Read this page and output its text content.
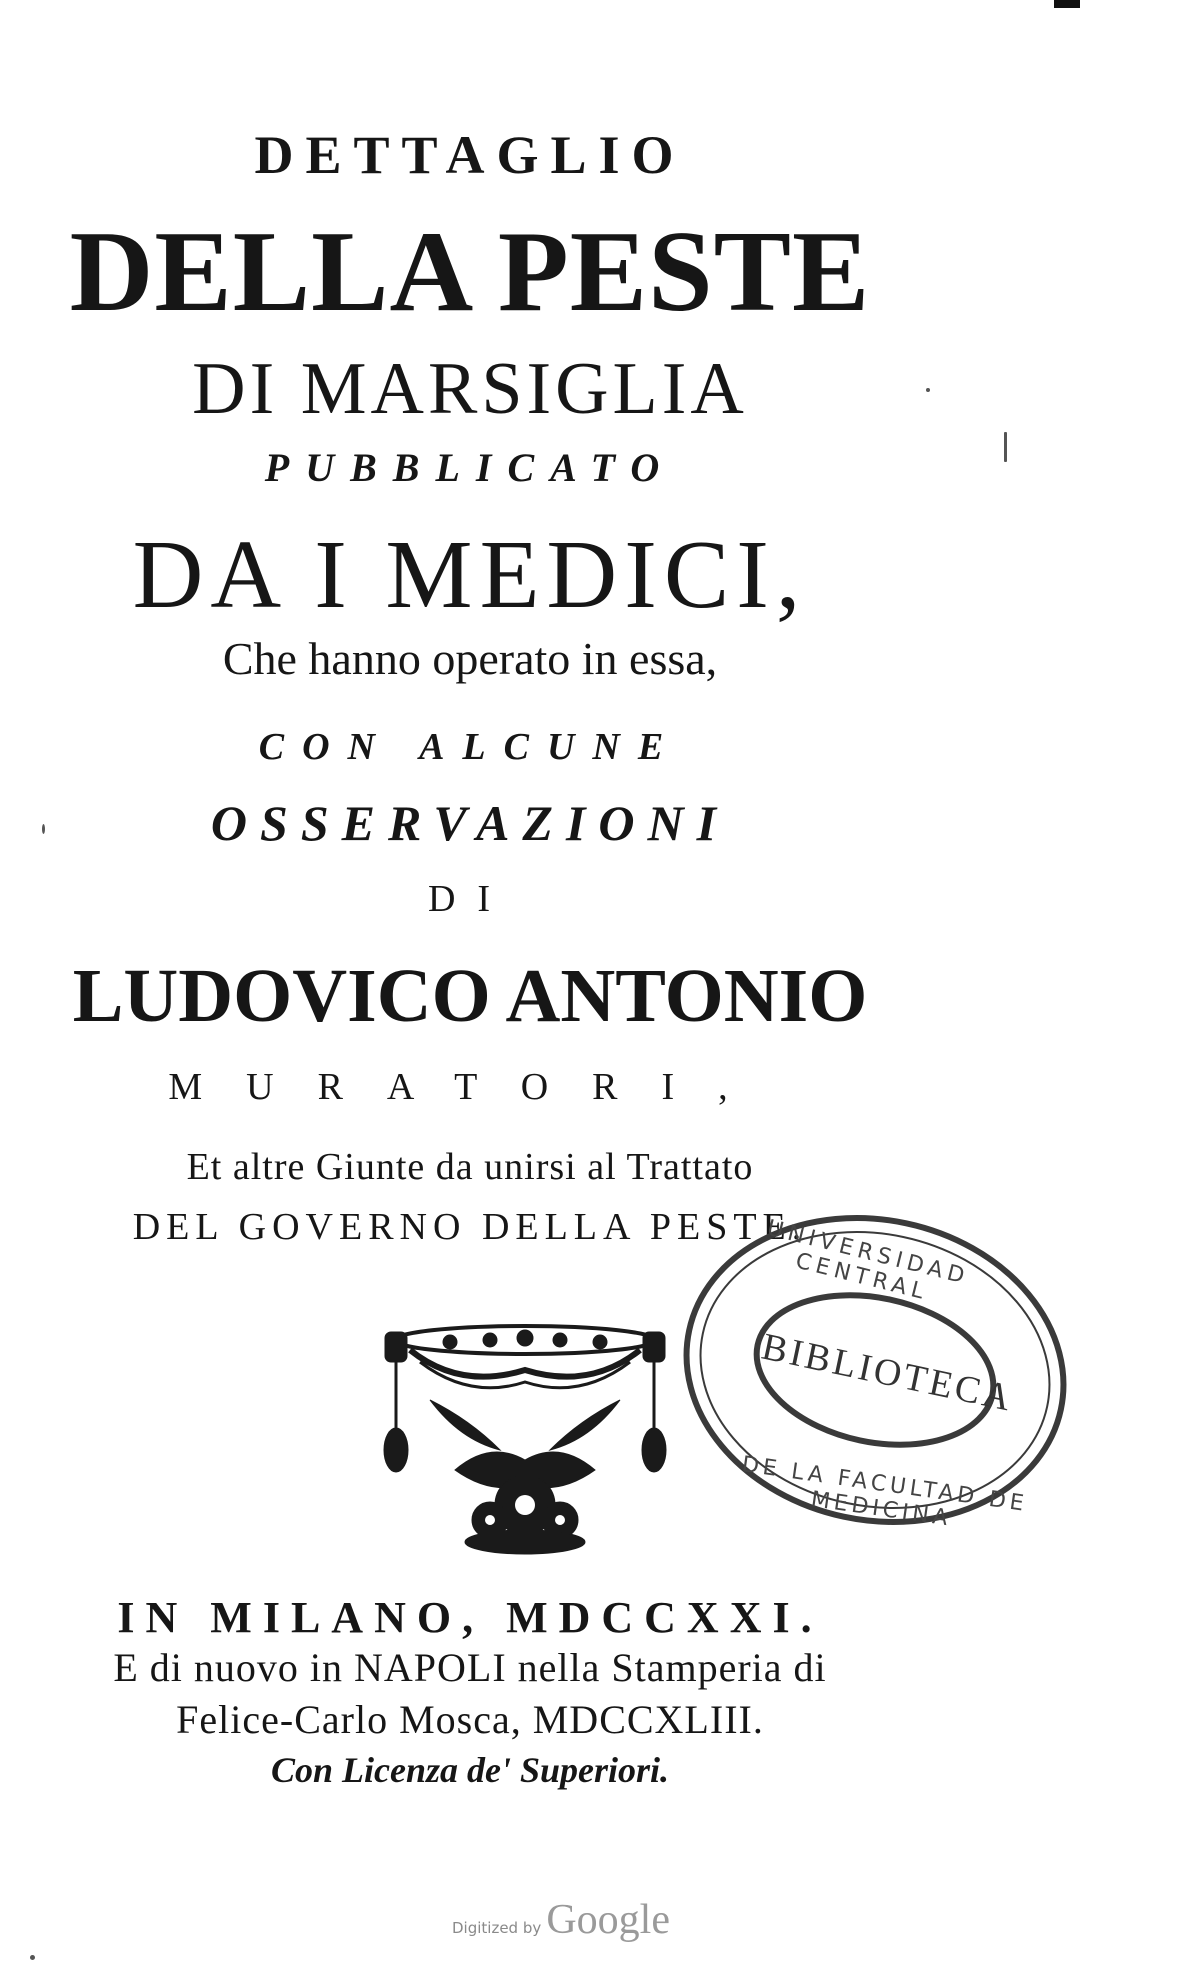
DETTAGLIO
DELLA PESTE
DI MARSIGLIA
PUBBLICATO
DA I MEDICI,
Che hanno operato in essa,
CON ALCUNE
OSSERVAZIONI
DI
LUDOVICO ANTONIO
MURATORI,
Et altre Giunte da unirsi al Trattato
DEL GOVERNO DELLA PESTE.
UNIVERSIDAD CENTRAL
BIBLIOTECA
DE LA FACULTAD DE MEDICINA
IN MILANO, MDCCXXI.
E di nuovo in NAPOLI nella Stamperia di
Felice-Carlo Mosca, MDCCXLIII.
Con Licenza de' Superiori.
Digitized by Google
